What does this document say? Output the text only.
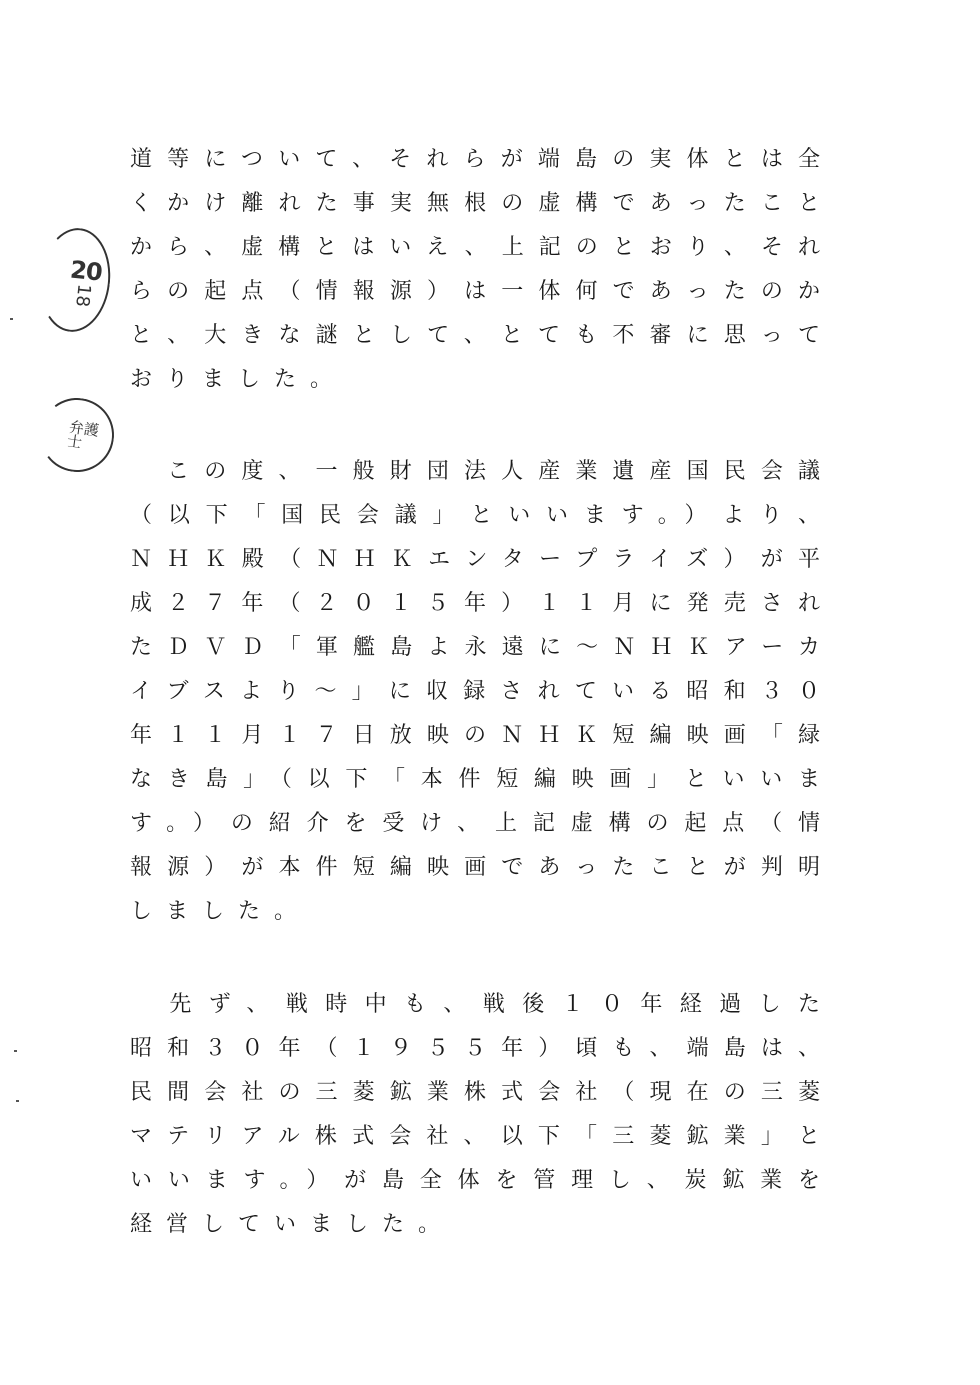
20
18
弁護士
道等について、それらが端島の実体とは全
くかけ離れた事実無根の虚構であったこと
から、虚構とはいえ、上記のとおり、それ
らの起点（情報源）は一体何であったのか
と、大きな謎として、とても不審に思って
おりました。
　この度、一般財団法人産業遺産国民会議
（以下「国民会議」といいます。）より、
ＮＨＫ殿（ＮＨＫエンタープライズ）が平
成２７年（２０１５年）１１月に発売され
たＤＶＤ「軍艦島よ永遠に～ＮＨＫアーカ
イブスより～」に収録されている昭和３０
年１１月１７日放映のＮＨＫ短編映画「緑
なき島」（以下「本件短編映画」といいま
す。）の紹介を受け、上記虚構の起点（情
報源）が本件短編映画であったことが判明
しました。
　先ず、戦時中も、戦後１０年経過した
昭和３０年（１９５５年）頃も、端島は、
民間会社の三菱鉱業株式会社（現在の三菱
マテリアル株式会社、以下「三菱鉱業」と
いいます。）が島全体を管理し、炭鉱業を
経営していました。
